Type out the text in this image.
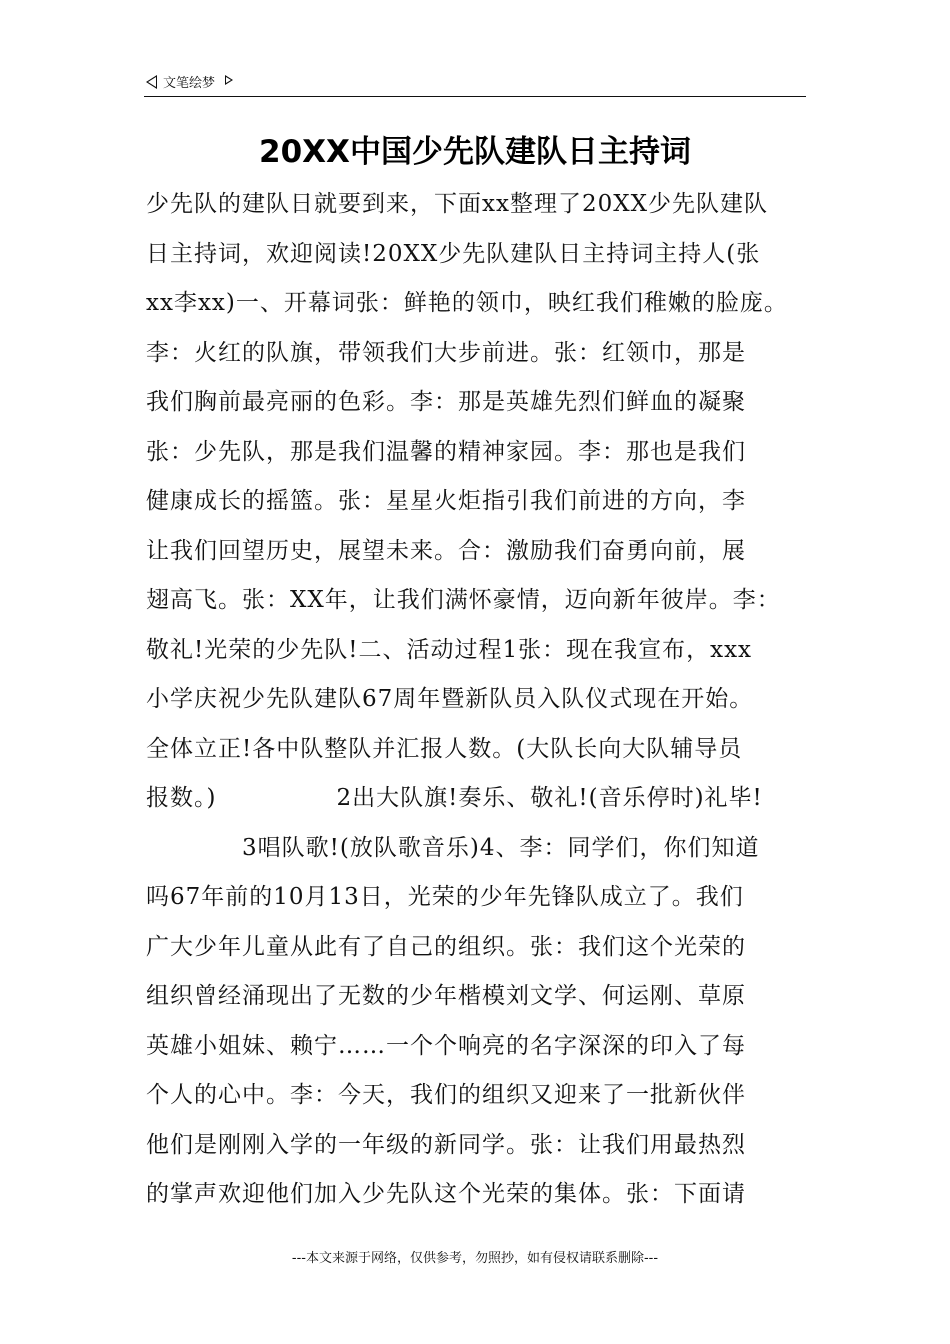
文笔绘梦
20XX中国少先队建队日主持词
少先队的建队日就要到来，下面xx整理了20XX少先队建队
日主持词，欢迎阅读!20XX少先队建队日主持词主持人(张
xx李xx)一、开幕词张：鲜艳的领巾，映红我们稚嫩的脸庞。
李：火红的队旗，带领我们大步前进。张：红领巾，那是
我们胸前最亮丽的色彩。李：那是英雄先烈们鲜血的凝聚
张：少先队，那是我们温馨的精神家园。李：那也是我们
健康成长的摇篮。张：星星火炬指引我们前进的方向，李
让我们回望历史，展望未来。合：激励我们奋勇向前，展
翅高飞。张：XX年，让我们满怀豪情，迈向新年彼岸。李：
敬礼!光荣的少先队!二、活动过程1张：现在我宣布，xxx
小学庆祝少先队建队67周年暨新队员入队仪式现在开始。
全体立正!各中队整队并汇报人数。(大队长向大队辅导员
报数。)　　　　　2出大队旗!奏乐、敬礼!(音乐停时)礼毕!
　　　　3唱队歌!(放队歌音乐)4、李：同学们，你们知道
吗67年前的10月13日，光荣的少年先锋队成立了。我们
广大少年儿童从此有了自己的组织。张：我们这个光荣的
组织曾经涌现出了无数的少年楷模刘文学、何运刚、草原
英雄小姐妹、赖宁……一个个响亮的名字深深的印入了每
个人的心中。李：今天，我们的组织又迎来了一批新伙伴
他们是刚刚入学的一年级的新同学。张：让我们用最热烈
的掌声欢迎他们加入少先队这个光荣的集体。张：下面请
---本文来源于网络，仅供参考，勿照抄，如有侵权请联系删除---
